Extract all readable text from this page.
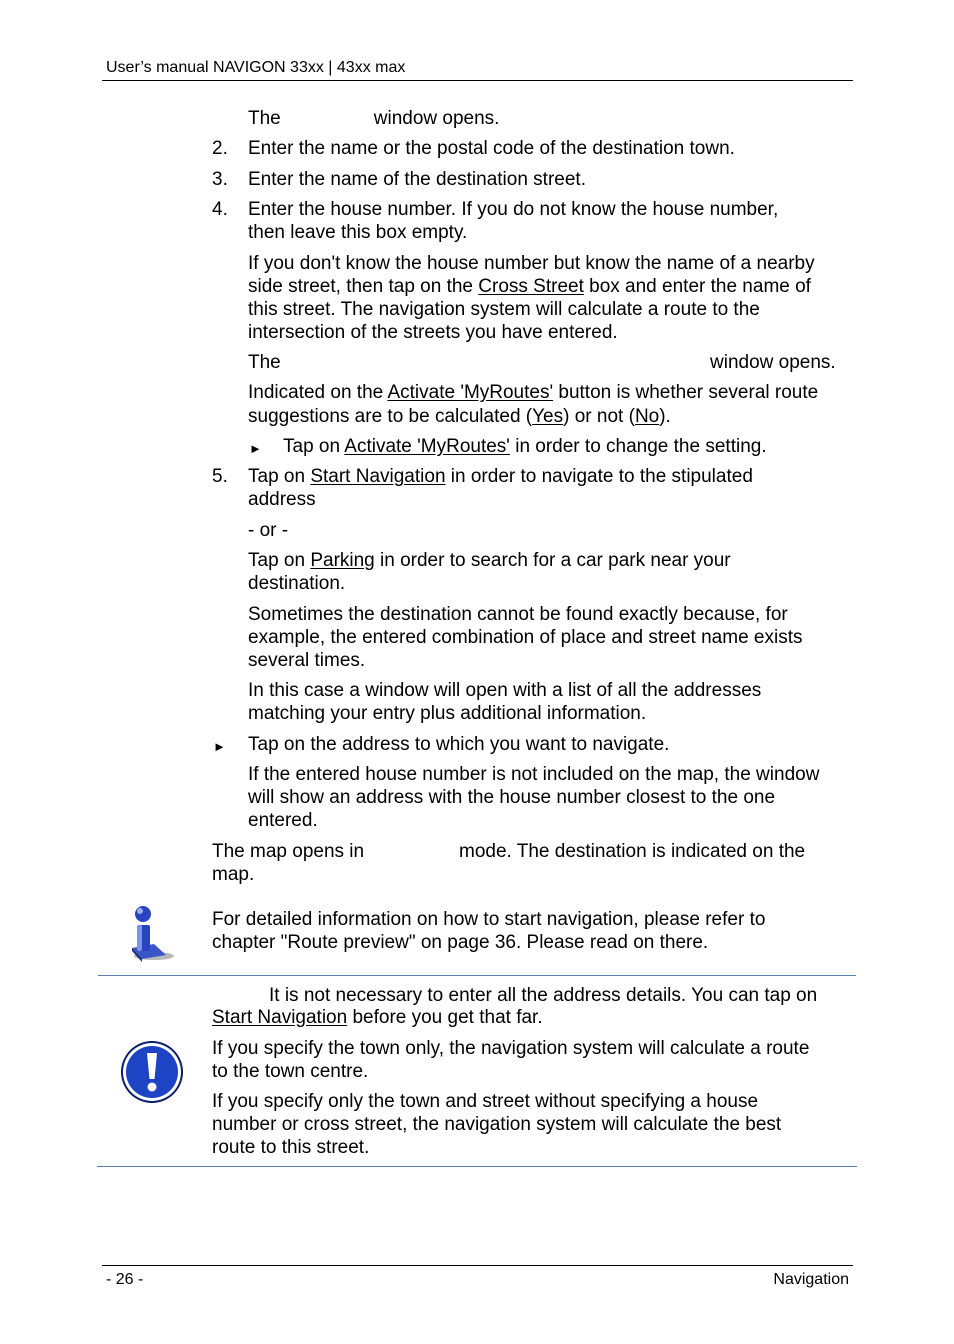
User’s manual NAVIGON 33xx | 43xx max
The	window opens.
2. Enter the name or the postal code of the destination town.
3. Enter the name of the destination street.
4. Enter the house number. If you do not know the house number,
then leave this box empty.
If you don't know the house number but know the name of a nearby
side street, then tap on the Cross Street box and enter the name of
this street. The navigation system will calculate a route to the
intersection of the streets you have entered.
The	window opens.
Indicated on the Activate 'MyRoutes' button is whether several route
suggestions are to be calculated (Yes) or not (No).
► Tap on Activate 'MyRoutes' in order to change the setting.
5. Tap on Start Navigation in order to navigate to the stipulated
address
- or -
Tap on Parking in order to search for a car park near your
destination.
Sometimes the destination cannot be found exactly because, for
example, the entered combination of place and street name exists
several times.
In this case a window will open with a list of all the addresses
matching your entry plus additional information.
► Tap on the address to which you want to navigate.
If the entered house number is not included on the map, the window
will show an address with the house number closest to the one
entered.
The map opens in	mode. The destination is indicated on the
map.
For detailed information on how to start navigation, please refer to
chapter "Route preview" on page 36. Please read on there.
It is not necessary to enter all the address details. You can tap on
Start Navigation before you get that far.
If you specify the town only, the navigation system will calculate a route
to the town centre.
If you specify only the town and street without specifying a house
number or cross street, the navigation system will calculate the best
route to this street.
- 26 -	Navigation
